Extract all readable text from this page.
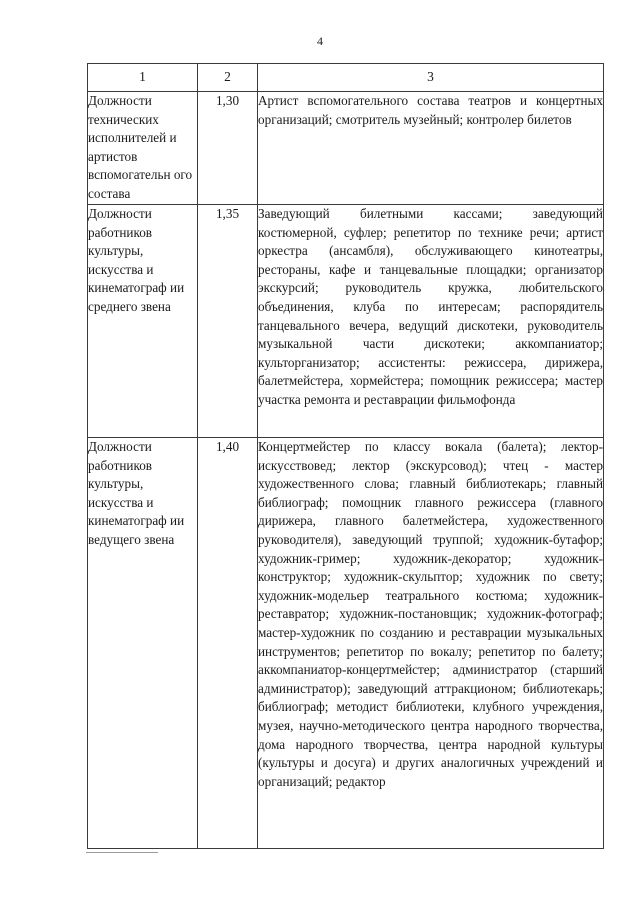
4
1	2	3

Должности технических исполнителей и артистов вспомогательн ого состава	1,30	Артист вспомогательного состава театров и концертных организаций; смотритель музейный; контролер билетов

Должности работников культуры, искусства и кинематограф ии среднего звена	1,35	Заведующий билетными кассами; заведующий костюмерной, суфлер; репетитор по технике речи; артист оркестра (ансамбля), обслуживающего кинотеатры, рестораны, кафе и танцевальные площадки; организатор экскурсий; руководитель кружка, любительского объединения, клуба по интересам; распорядитель танцевального вечера, ведущий дискотеки, руководитель музыкальной части дискотеки; аккомпаниатор; культорганизатор; ассистенты: режиссера, дирижера, балетмейстера, хормейстера; помощник режиссера; мастер участка ремонта и реставрации фильмофонда

Должности работников культуры, искусства и кинематограф ии ведущего звена	1,40	Концертмейстер по классу вокала (балета); лектор-искусствовед; лектор (экскурсовод); чтец - мастер художественного слова; главный библиотекарь; главный библиограф; помощник главного режиссера (главного дирижера, главного балетмейстера, художественного руководителя), заведующий труппой; художник-бутафор; художник-гример; художник-декоратор; художник-конструктор; художник-скульптор; художник по свету; художник-модельер театрального костюма; художник-реставратор; художник-постановщик; художник-фотограф; мастер-художник по созданию и реставрации музыкальных инструментов; репетитор по вокалу; репетитор по балету; аккомпаниатор-концертмейстер; администратор (старший администратор); заведующий аттракционом; библиотекарь; библиограф; методист библиотеки, клубного учреждения, музея, научно-методического центра народного творчества, дома народного творчества, центра народной культуры (культуры и досуга) и других аналогичных учреждений и организаций; редактор
